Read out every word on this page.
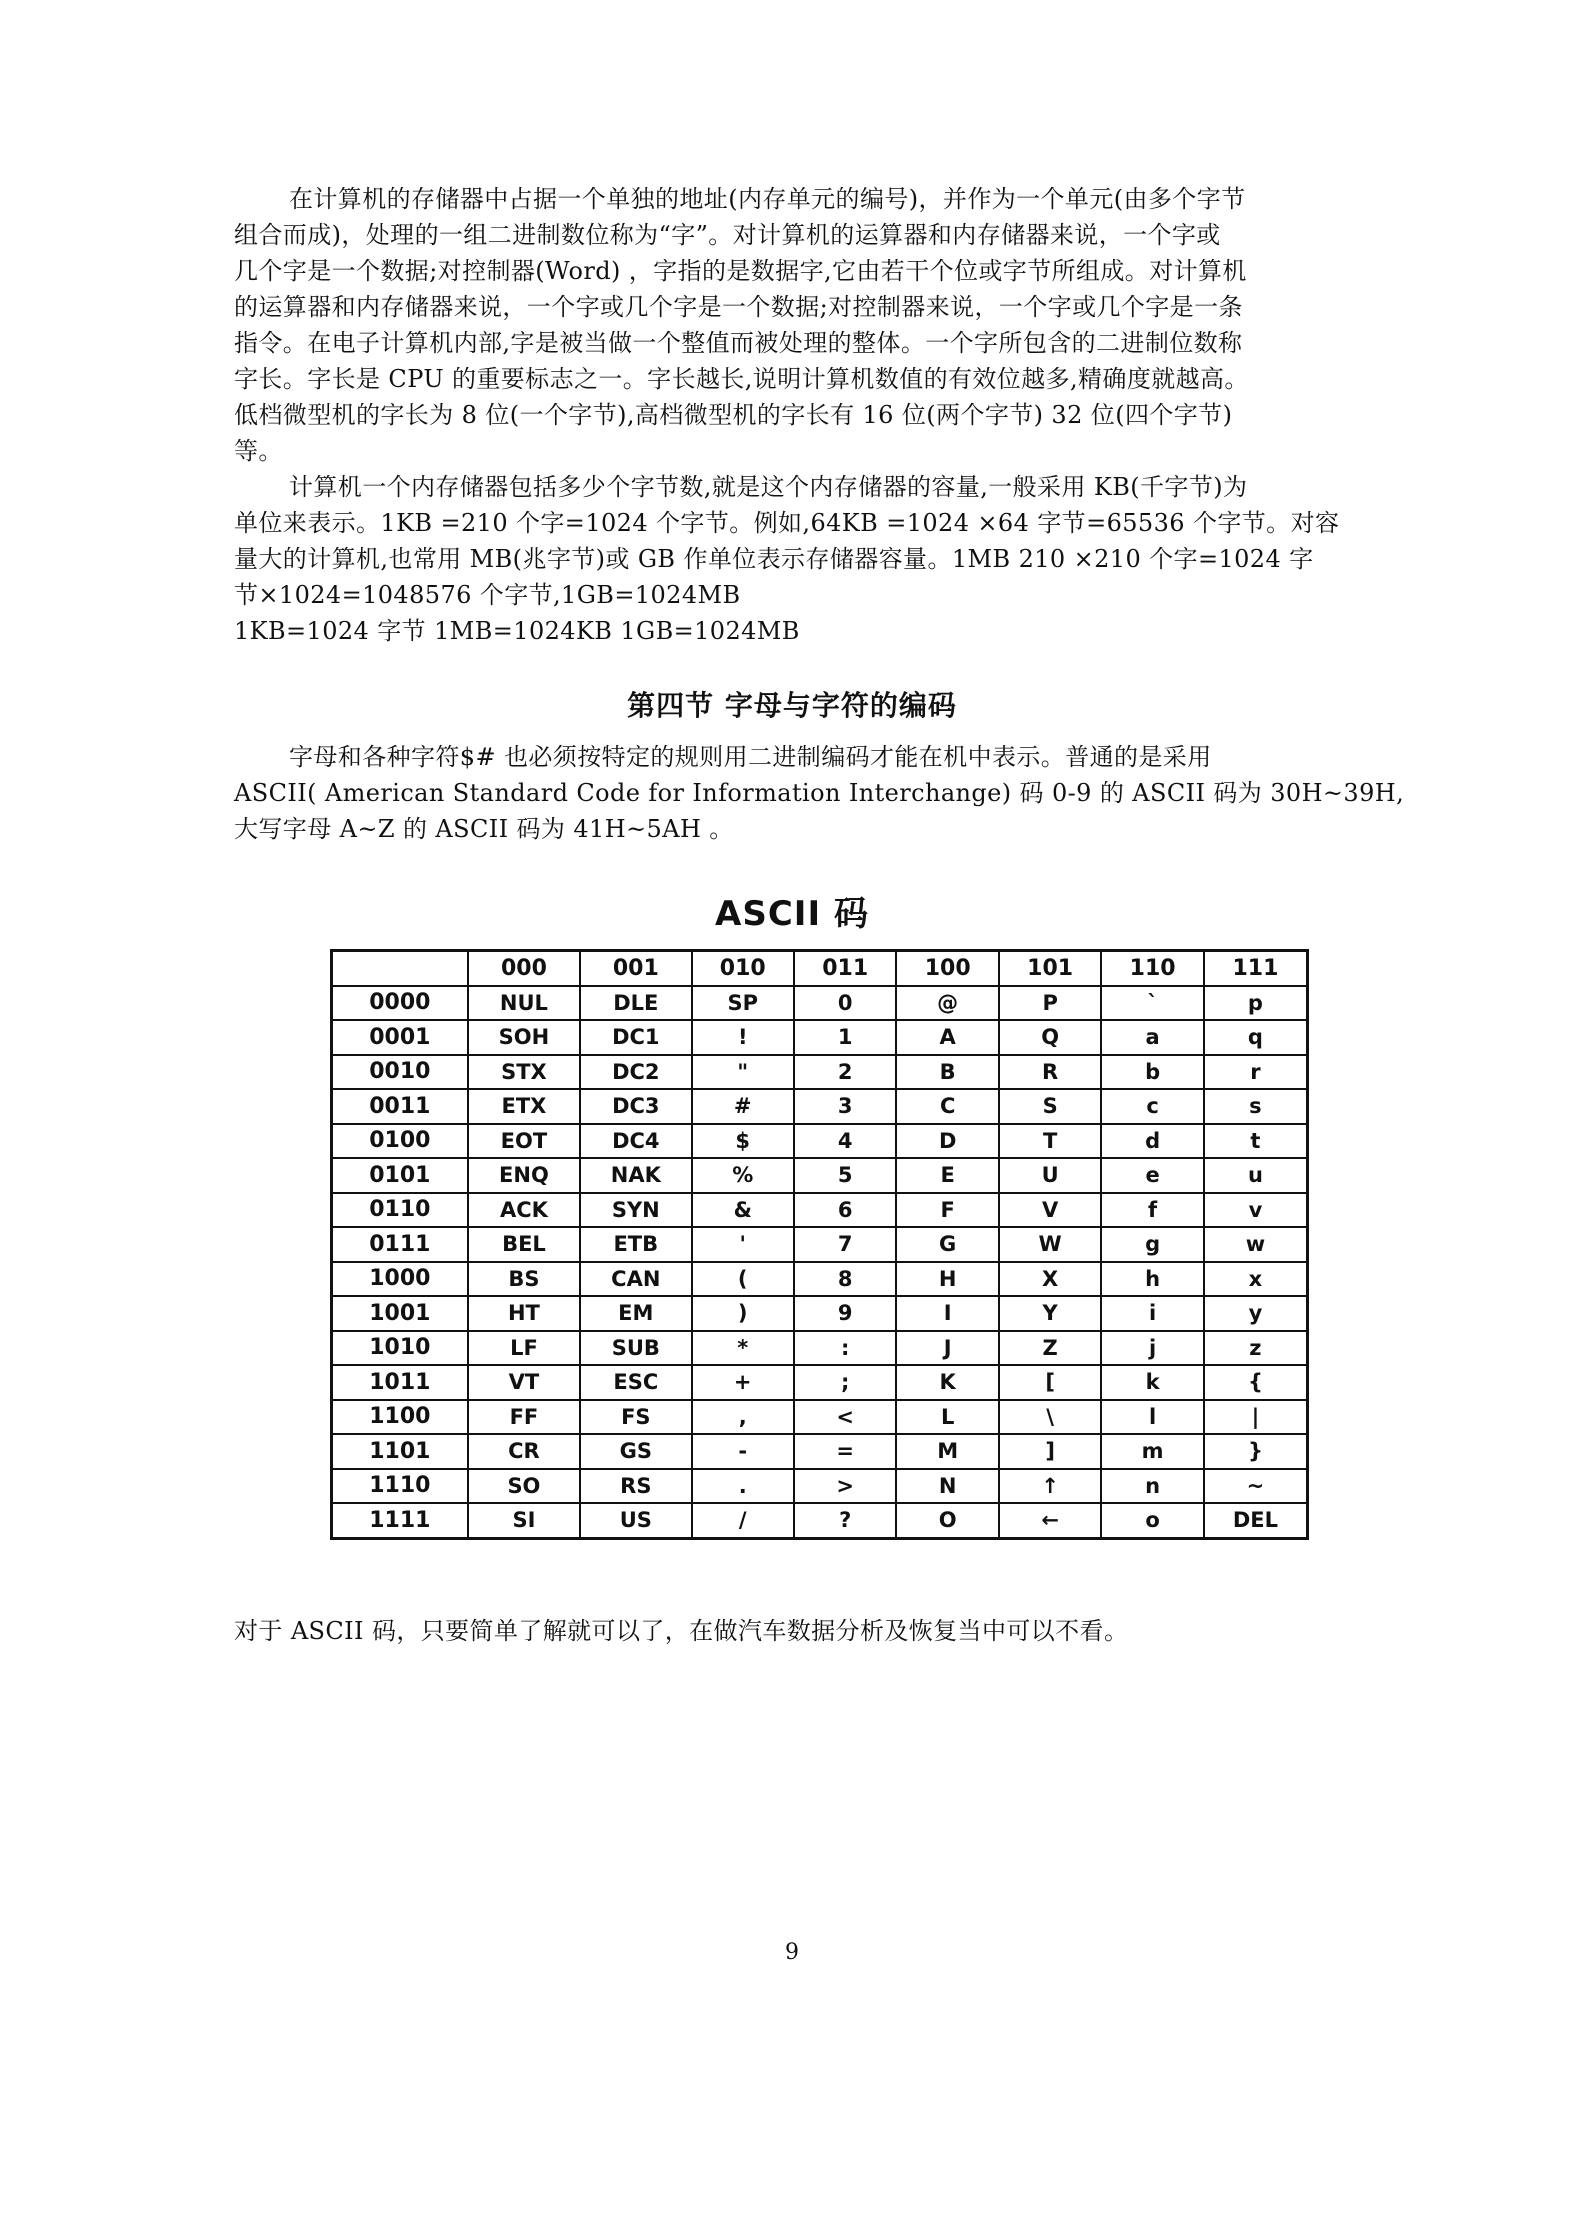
在计算机的存储器中占据一个单独的地址(内存单元的编号)，并作为一个单元(由多个字节
组合而成)，处理的一组二进制数位称为“字”。对计算机的运算器和内存储器来说，一个字或
几个字是一个数据;对控制器(Word) ，字指的是数据字,它由若干个位或字节所组成。对计算机
的运算器和内存储器来说，一个字或几个字是一个数据;对控制器来说，一个字或几个字是一条
指令。在电子计算机内部,字是被当做一个整值而被处理的整体。一个字所包含的二进制位数称
字长。字长是 CPU 的重要标志之一。字长越长,说明计算机数值的有效位越多,精确度就越高。
低档微型机的字长为 8 位(一个字节),高档微型机的字长有 16 位(两个字节) 32 位(四个字节)
等。

计算机一个内存储器包括多少个字节数,就是这个内存储器的容量,一般采用 KB(千字节)为
单位来表示。1KB =210 个字=1024 个字节。例如,64KB =1024 ×64 字节=65536 个字节。对容
量大的计算机,也常用 MB(兆字节)或 GB 作单位表示存储器容量。1MB 210 ×210 个字=1024 字
节×1024=1048576 个字节,1GB=1024MB
1KB=1024 字节 1MB=1024KB 1GB=1024MB

第四节 字母与字符的编码

字母和各种字符$# 也必须按特定的规则用二进制编码才能在机中表示。普通的是采用
ASCII( American Standard Code for Information Interchange) 码 0-9 的 ASCII 码为 30H~39H,
大写字母 A~Z 的 ASCII 码为 41H~5AH 。

ASCII 码
	000	001	010	011	100	101	110	111
0000	NUL	DLE	SP	0	@	P	`	p
0001	SOH	DC1	!	1	A	Q	a	q
0010	STX	DC2	"	2	B	R	b	r
0011	ETX	DC3	#	3	C	S	c	s
0100	EOT	DC4	$	4	D	T	d	t
0101	ENQ	NAK	%	5	E	U	e	u
0110	ACK	SYN	&	6	F	V	f	v
0111	BEL	ETB	'	7	G	W	g	w
1000	BS	CAN	(	8	H	X	h	x
1001	HT	EM	)	9	I	Y	i	y
1010	LF	SUB	*	:	J	Z	j	z
1011	VT	ESC	+	;	K	[	k	{
1100	FF	FS	,	<	L	\	l	|
1101	CR	GS	-	=	M	]	m	}
1110	SO	RS	.	>	N	↑	n	~
1111	SI	US	/	?	O	←	o	DEL

对于 ASCII 码，只要简单了解就可以了，在做汽车数据分析及恢复当中可以不看。

9
